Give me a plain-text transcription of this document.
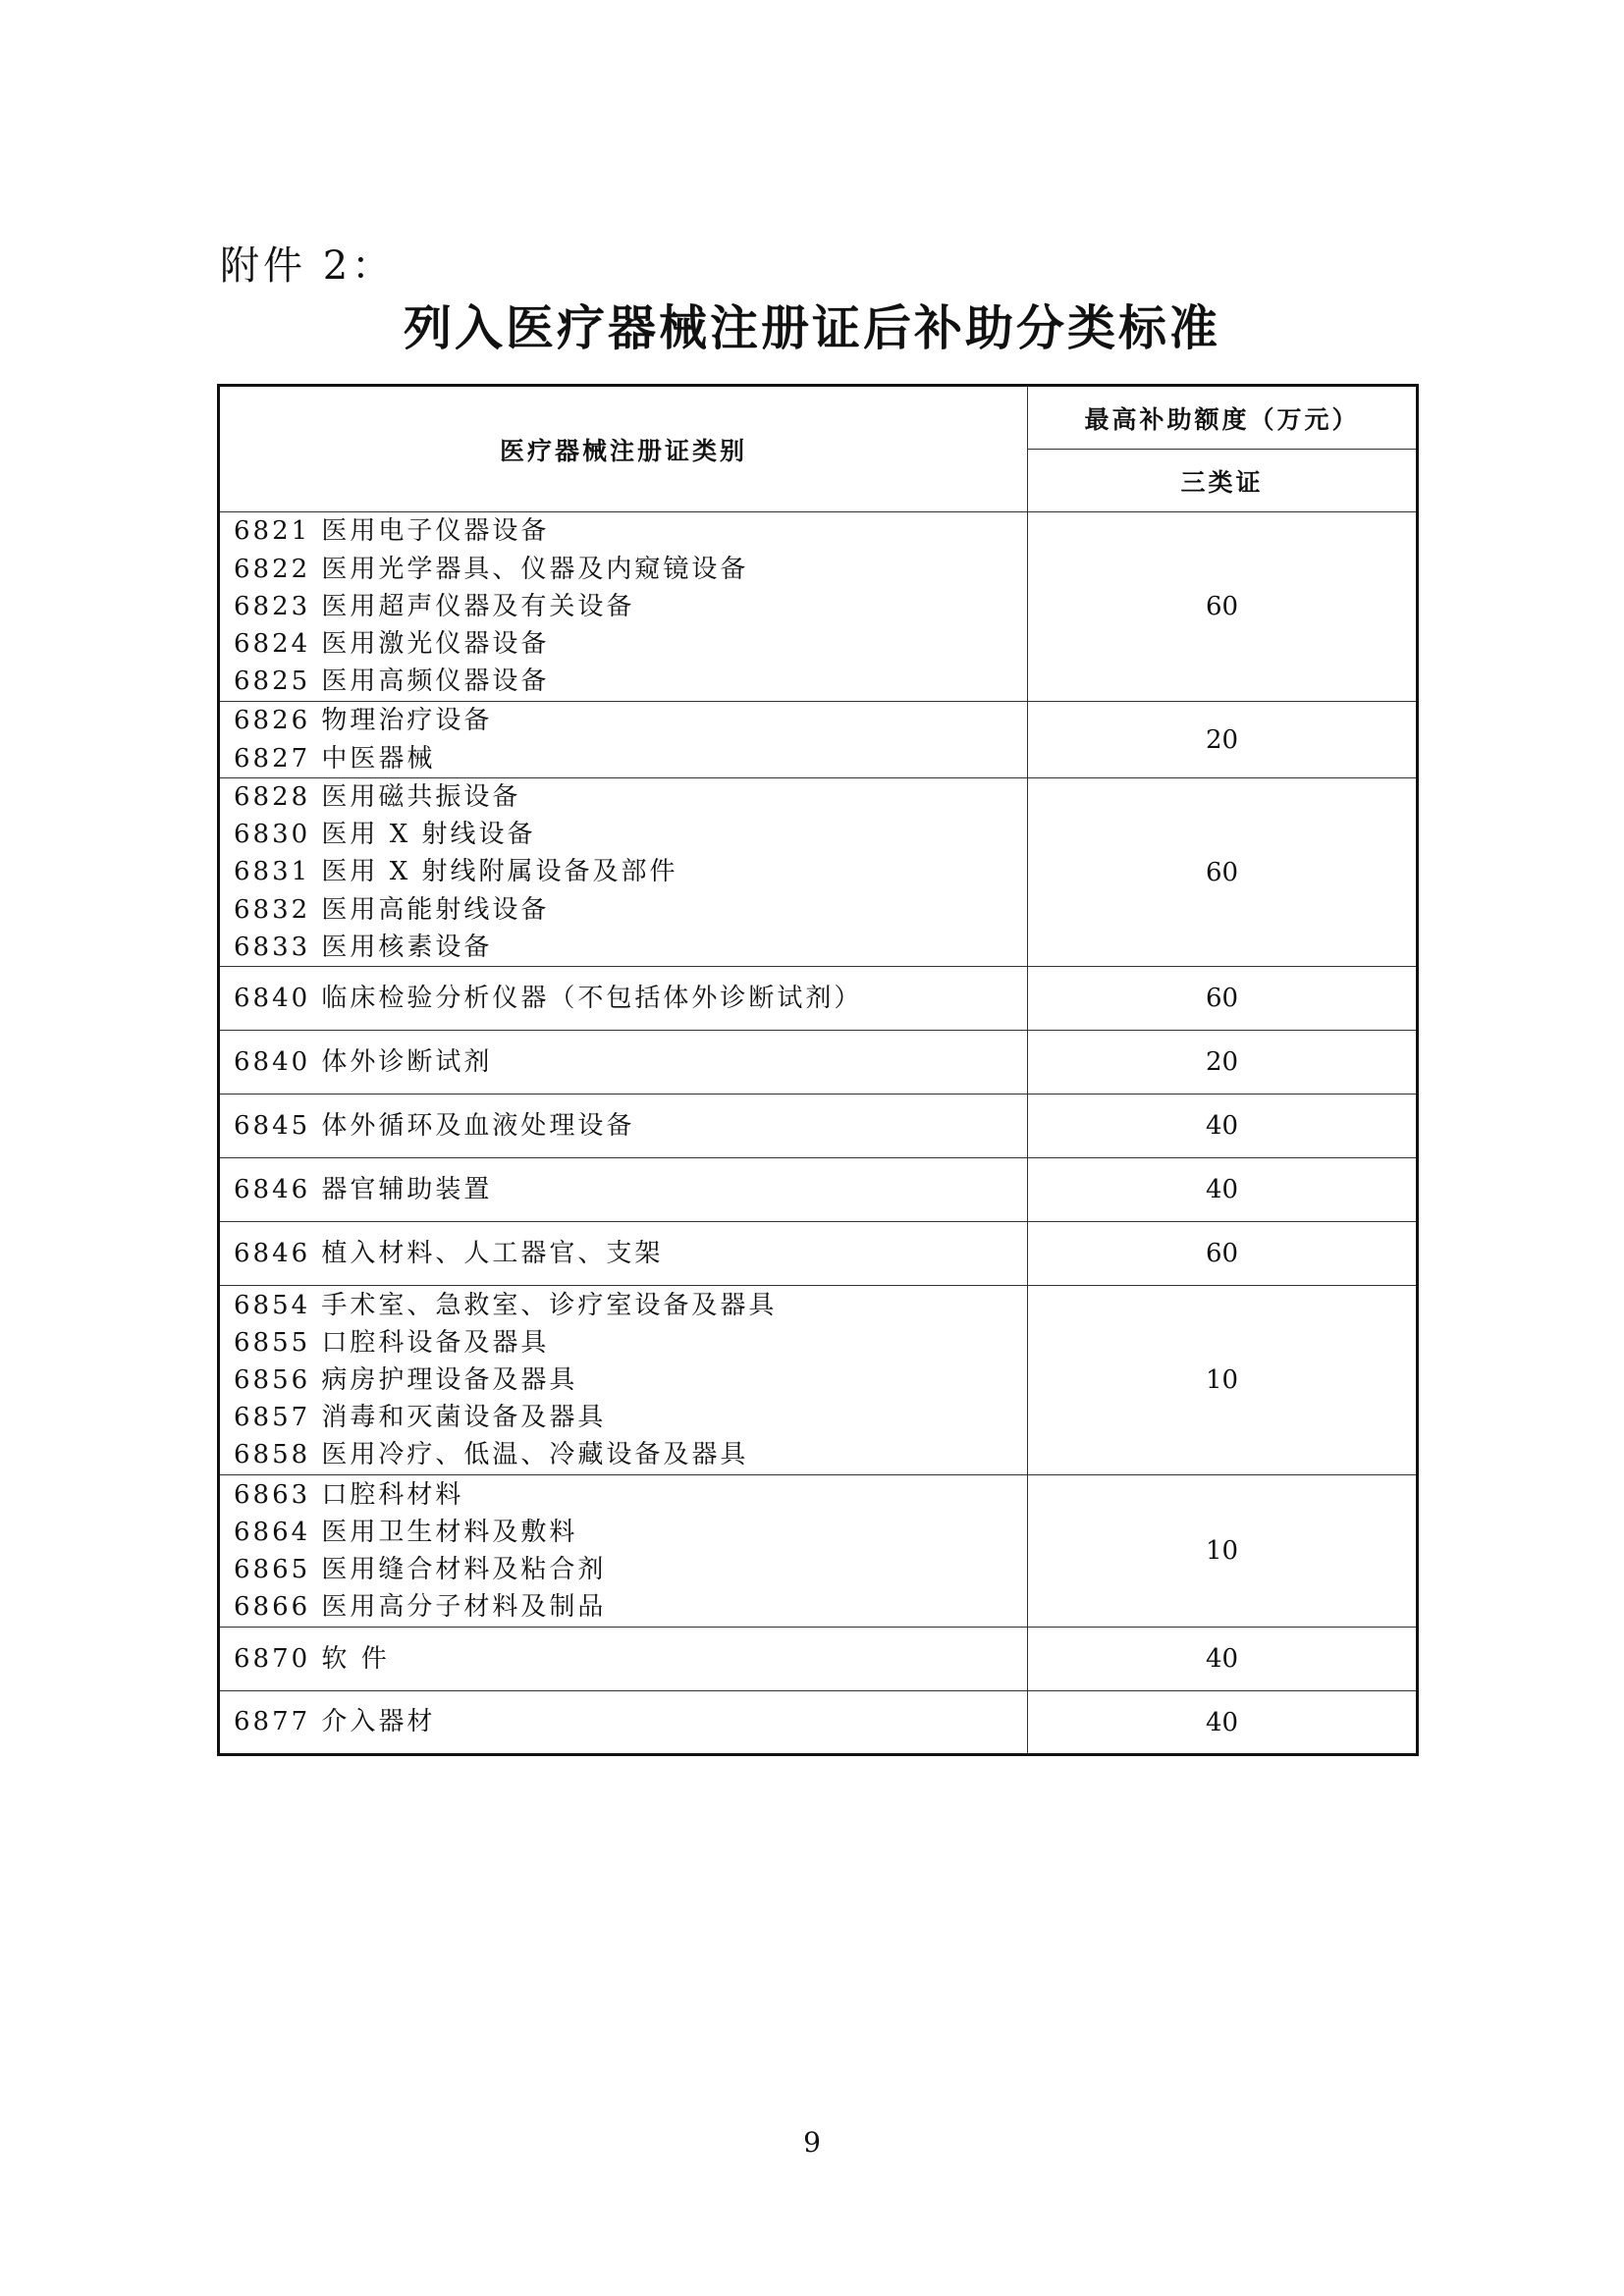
附件 2：
列入医疗器械注册证后补助分类标准
医疗器械注册证类别	最高补助额度（万元）
	三类证

6821 医用电子仪器设备
6822 医用光学器具、仪器及内窥镜设备
6823 医用超声仪器及有关设备
6824 医用激光仪器设备
6825 医用高频仪器设备	60

6826 物理治疗设备
6827 中医器械	20

6828 医用磁共振设备
6830 医用 X 射线设备
6831 医用 X 射线附属设备及部件
6832 医用高能射线设备
6833 医用核素设备	60

6840 临床检验分析仪器（不包括体外诊断试剂）	60

6840 体外诊断试剂	20

6845 体外循环及血液处理设备	40

6846 器官辅助装置	40

6846 植入材料、人工器官、支架	60

6854 手术室、急救室、诊疗室设备及器具
6855 口腔科设备及器具
6856 病房护理设备及器具
6857 消毒和灭菌设备及器具
6858 医用冷疗、低温、冷藏设备及器具	10

6863 口腔科材料
6864 医用卫生材料及敷料
6865 医用缝合材料及粘合剂
6866 医用高分子材料及制品	10

6870 软 件	40

6877 介入器材	40
9
